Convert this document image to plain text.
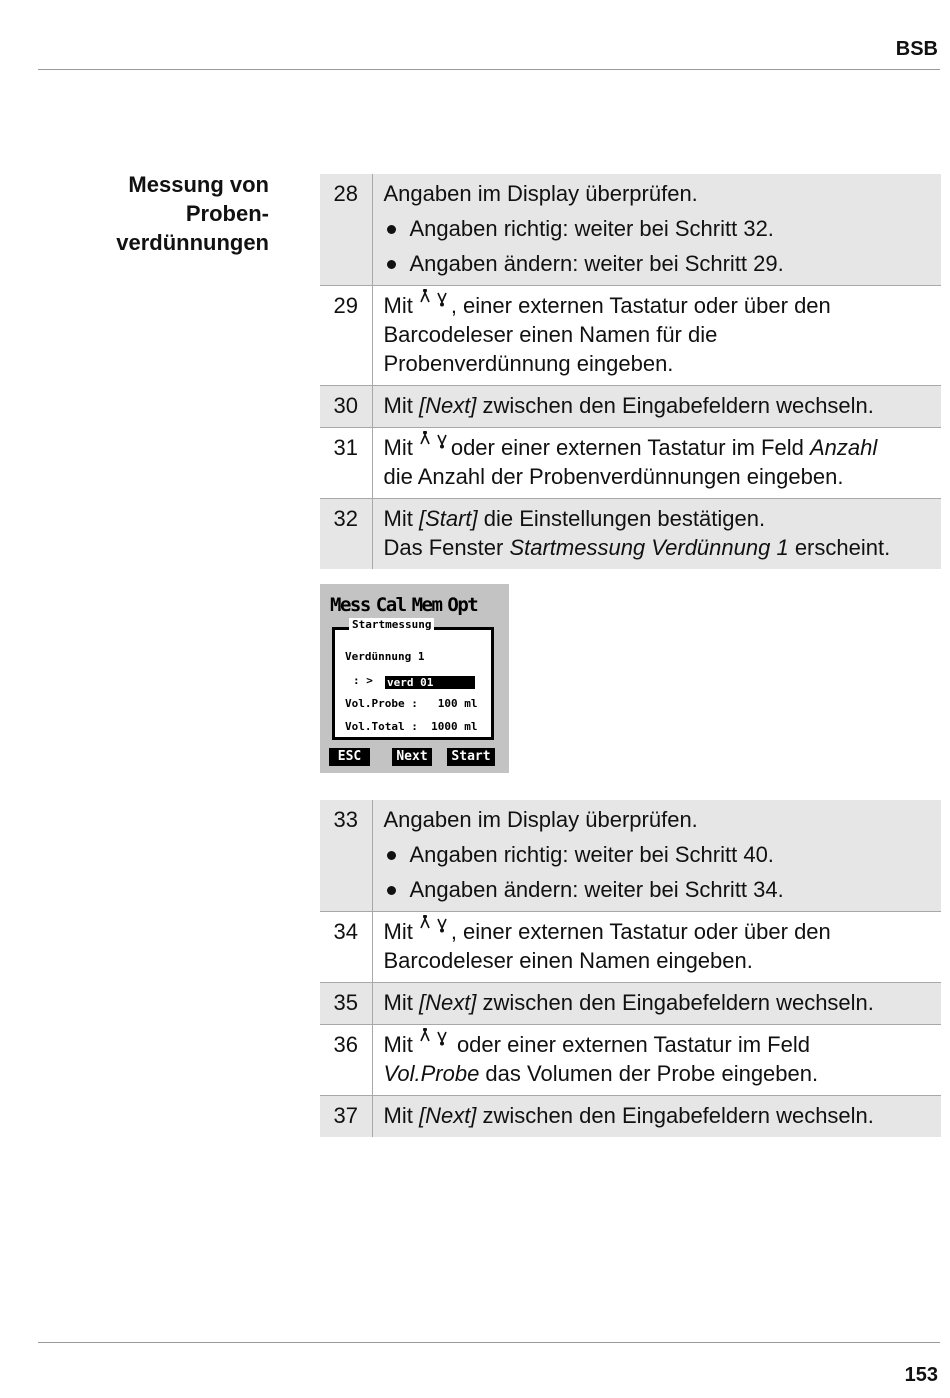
BSB
Messung von
Proben-
verdünnungen
28	Angaben im Display überprüfen.
Angaben richtig: weiter bei Schritt 32.
Angaben ändern: weiter bei Schritt 29.

29	Mit , einer externen Tastatur oder über den
Barcodeleser einen Namen für die
Probenverdünnung eingeben.
30	Mit [Next] zwischen den Eingabefeldern wechseln.
31	Mit oder einer externen Tastatur im Feld Anzahl
die Anzahl der Probenverdünnungen eingeben.
32	Mit [Start] die Einstellungen bestätigen.
Das Fenster Startmessung Verdünnung 1 erscheint.
Mess Cal Mem Opt
Startmessung
Verdünnung 1
: > verd 01
Vol.Probe :   100 ml
Vol.Total :  1000 ml
ESC	Next	Start
33	Angaben im Display überprüfen.
Angaben richtig: weiter bei Schritt 40.
Angaben ändern: weiter bei Schritt 34.

34	Mit , einer externen Tastatur oder über den
Barcodeleser einen Namen eingeben.
35	Mit [Next] zwischen den Eingabefeldern wechseln.
36	Mit
oder einer externen Tastatur im Feld
Vol.Probe das Volumen der Probe eingeben.
37	Mit [Next] zwischen den Eingabefeldern wechseln.
153
